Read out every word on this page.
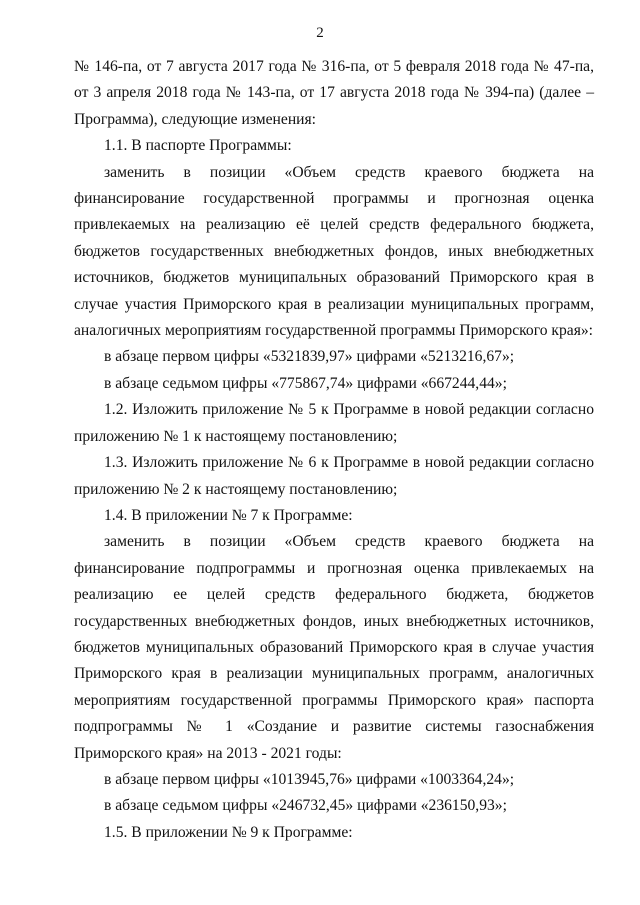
2

№ 146-па, от 7 августа 2017 года № 316-па, от 5 февраля 2018 года № 47-па, от 3 апреля 2018 года № 143-па, от 17 августа 2018 года № 394-па) (далее – Программа), следующие изменения:

1.1. В паспорте Программы:

заменить в позиции «Объем средств краевого бюджета на финансирование государственной программы и прогнозная оценка привлекаемых на реализацию её целей средств федерального бюджета, бюджетов государственных внебюджетных фондов, иных внебюджетных источников, бюджетов муниципальных образований Приморского края в случае участия Приморского края в реализации муниципальных программ, аналогичных мероприятиям государственной программы Приморского края»:

в абзаце первом цифры «5321839,97» цифрами «5213216,67»;

в абзаце седьмом цифры «775867,74» цифрами «667244,44»;

1.2. Изложить приложение № 5 к Программе в новой редакции согласно приложению № 1 к настоящему постановлению;

1.3. Изложить приложение № 6 к Программе в новой редакции согласно приложению № 2 к настоящему постановлению;

1.4. В приложении № 7 к Программе:

заменить в позиции «Объем средств краевого бюджета на финансирование подпрограммы и прогнозная оценка привлекаемых на реализацию ее целей средств федерального бюджета, бюджетов государственных внебюджетных фондов, иных внебюджетных источников, бюджетов муниципальных образований Приморского края в случае участия Приморского края в реализации муниципальных программ, аналогичных мероприятиям государственной программы Приморского края» паспорта подпрограммы № 1 «Создание и развитие системы газоснабжения Приморского края» на 2013 - 2021 годы:

в абзаце первом цифры «1013945,76» цифрами «1003364,24»;

в абзаце седьмом цифры «246732,45» цифрами «236150,93»;

1.5. В приложении № 9 к Программе:
